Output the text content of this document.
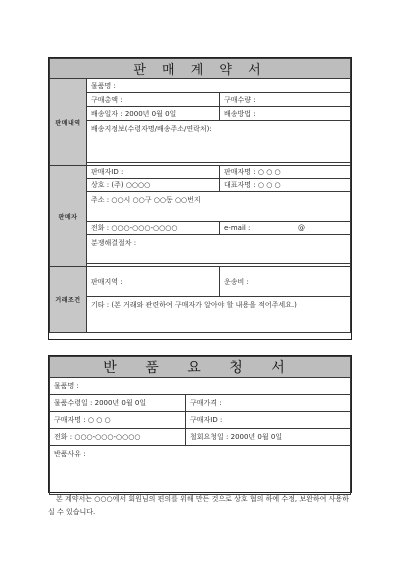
판 매 계 약 서		
판매내역	물품명 :	
	구매총액 :	구매수량 :
	배송일자 : 2000년 0월 0일	배송방법 :
	배송지정보(수령자명/배송주소/연락처):	

판매자	판매자ID :	판매자명 : ○ ○ ○
	상호 : (주) ○○○○	대표자명 : ○ ○ ○
	주소 : ○○시 ○○구 ○○동 ○○번지	
	전화 : ○○○-○○○-○○○○	e-mail : @

	분쟁해결절차 :	

거래조건	판매지역 :	운송비 :
	기타 : (본 거래와 관련하여 구매자가 알아야 할 내용을 적어주세요.)	
반 품 요 청 서	
물품명 :	
물품수령일 : 2000년 0월 0일	구매가격 :
구매자명 : ○ ○ ○	구매자ID :
전화 : ○○○-○○○-○○○○	철회요청일 : 2000년 0월 0일
반품사유 :	
본 계약서는 ○○○에서 회원님의 편의를 위해 만든 것으로 상호 협의 하에 수정, 보완하여 사용하실 수 있습니다.
